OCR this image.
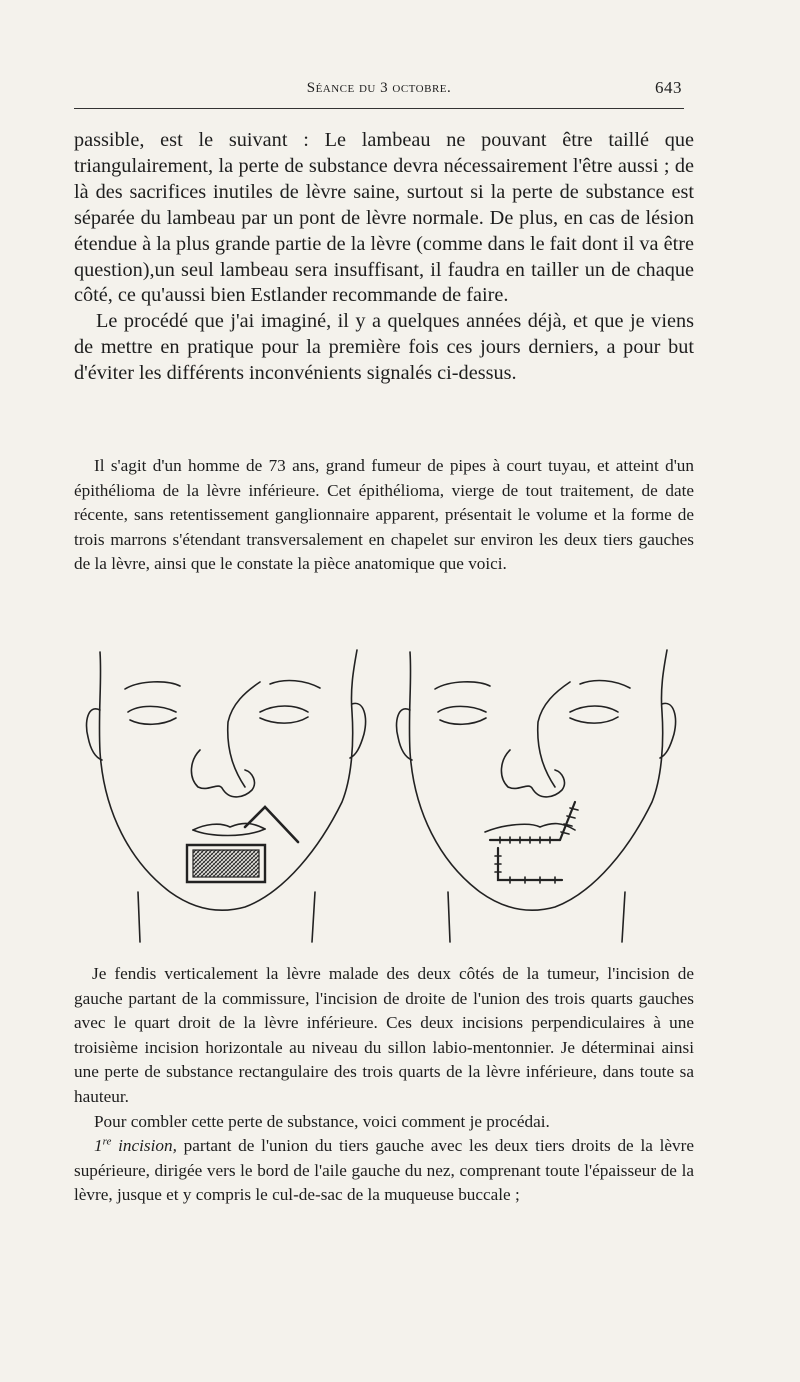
Séance du 3 octobre.	643

passible, est le suivant : Le lambeau ne pouvant être taillé que triangulairement, la perte de substance devra nécessairement l'être aussi ; de là des sacrifices inutiles de lèvre saine, surtout si la perte de substance est séparée du lambeau par un pont de lèvre normale. De plus, en cas de lésion étendue à la plus grande partie de la lèvre (comme dans le fait dont il va être question),un seul lambeau sera insuffisant, il faudra en tailler un de chaque côté, ce qu'aussi bien Estlander recommande de faire.

Le procédé que j'ai imaginé, il y a quelques années déjà, et que je viens de mettre en pratique pour la première fois ces jours derniers, a pour but d'éviter les différents inconvénients signalés ci-dessus.

Il s'agit d'un homme de 73 ans, grand fumeur de pipes à court tuyau, et atteint d'un épithélioma de la lèvre inférieure. Cet épithélioma, vierge de tout traitement, de date récente, sans retentissement ganglionnaire apparent, présentait le volume et la forme de trois marrons s'étendant transversalement en chapelet sur environ les deux tiers gauches de la lèvre, ainsi que le constate la pièce anatomique que voici.

Je fendis verticalement la lèvre malade des deux côtés de la tumeur, l'incision de gauche partant de la commissure, l'incision de droite de l'union des trois quarts gauches avec le quart droit de la lèvre inférieure. Ces deux incisions perpendiculaires à une troisième incision horizontale au niveau du sillon labio-mentonnier. Je déterminai ainsi une perte de substance rectangulaire des trois quarts de la lèvre inférieure, dans toute sa hauteur.

Pour combler cette perte de substance, voici comment je procédai.

1re incision, partant de l'union du tiers gauche avec les deux tiers droits de la lèvre supérieure, dirigée vers le bord de l'aile gauche du nez, comprenant toute l'épaisseur de la lèvre, jusque et y compris le cul-de-sac de la muqueuse buccale ;
